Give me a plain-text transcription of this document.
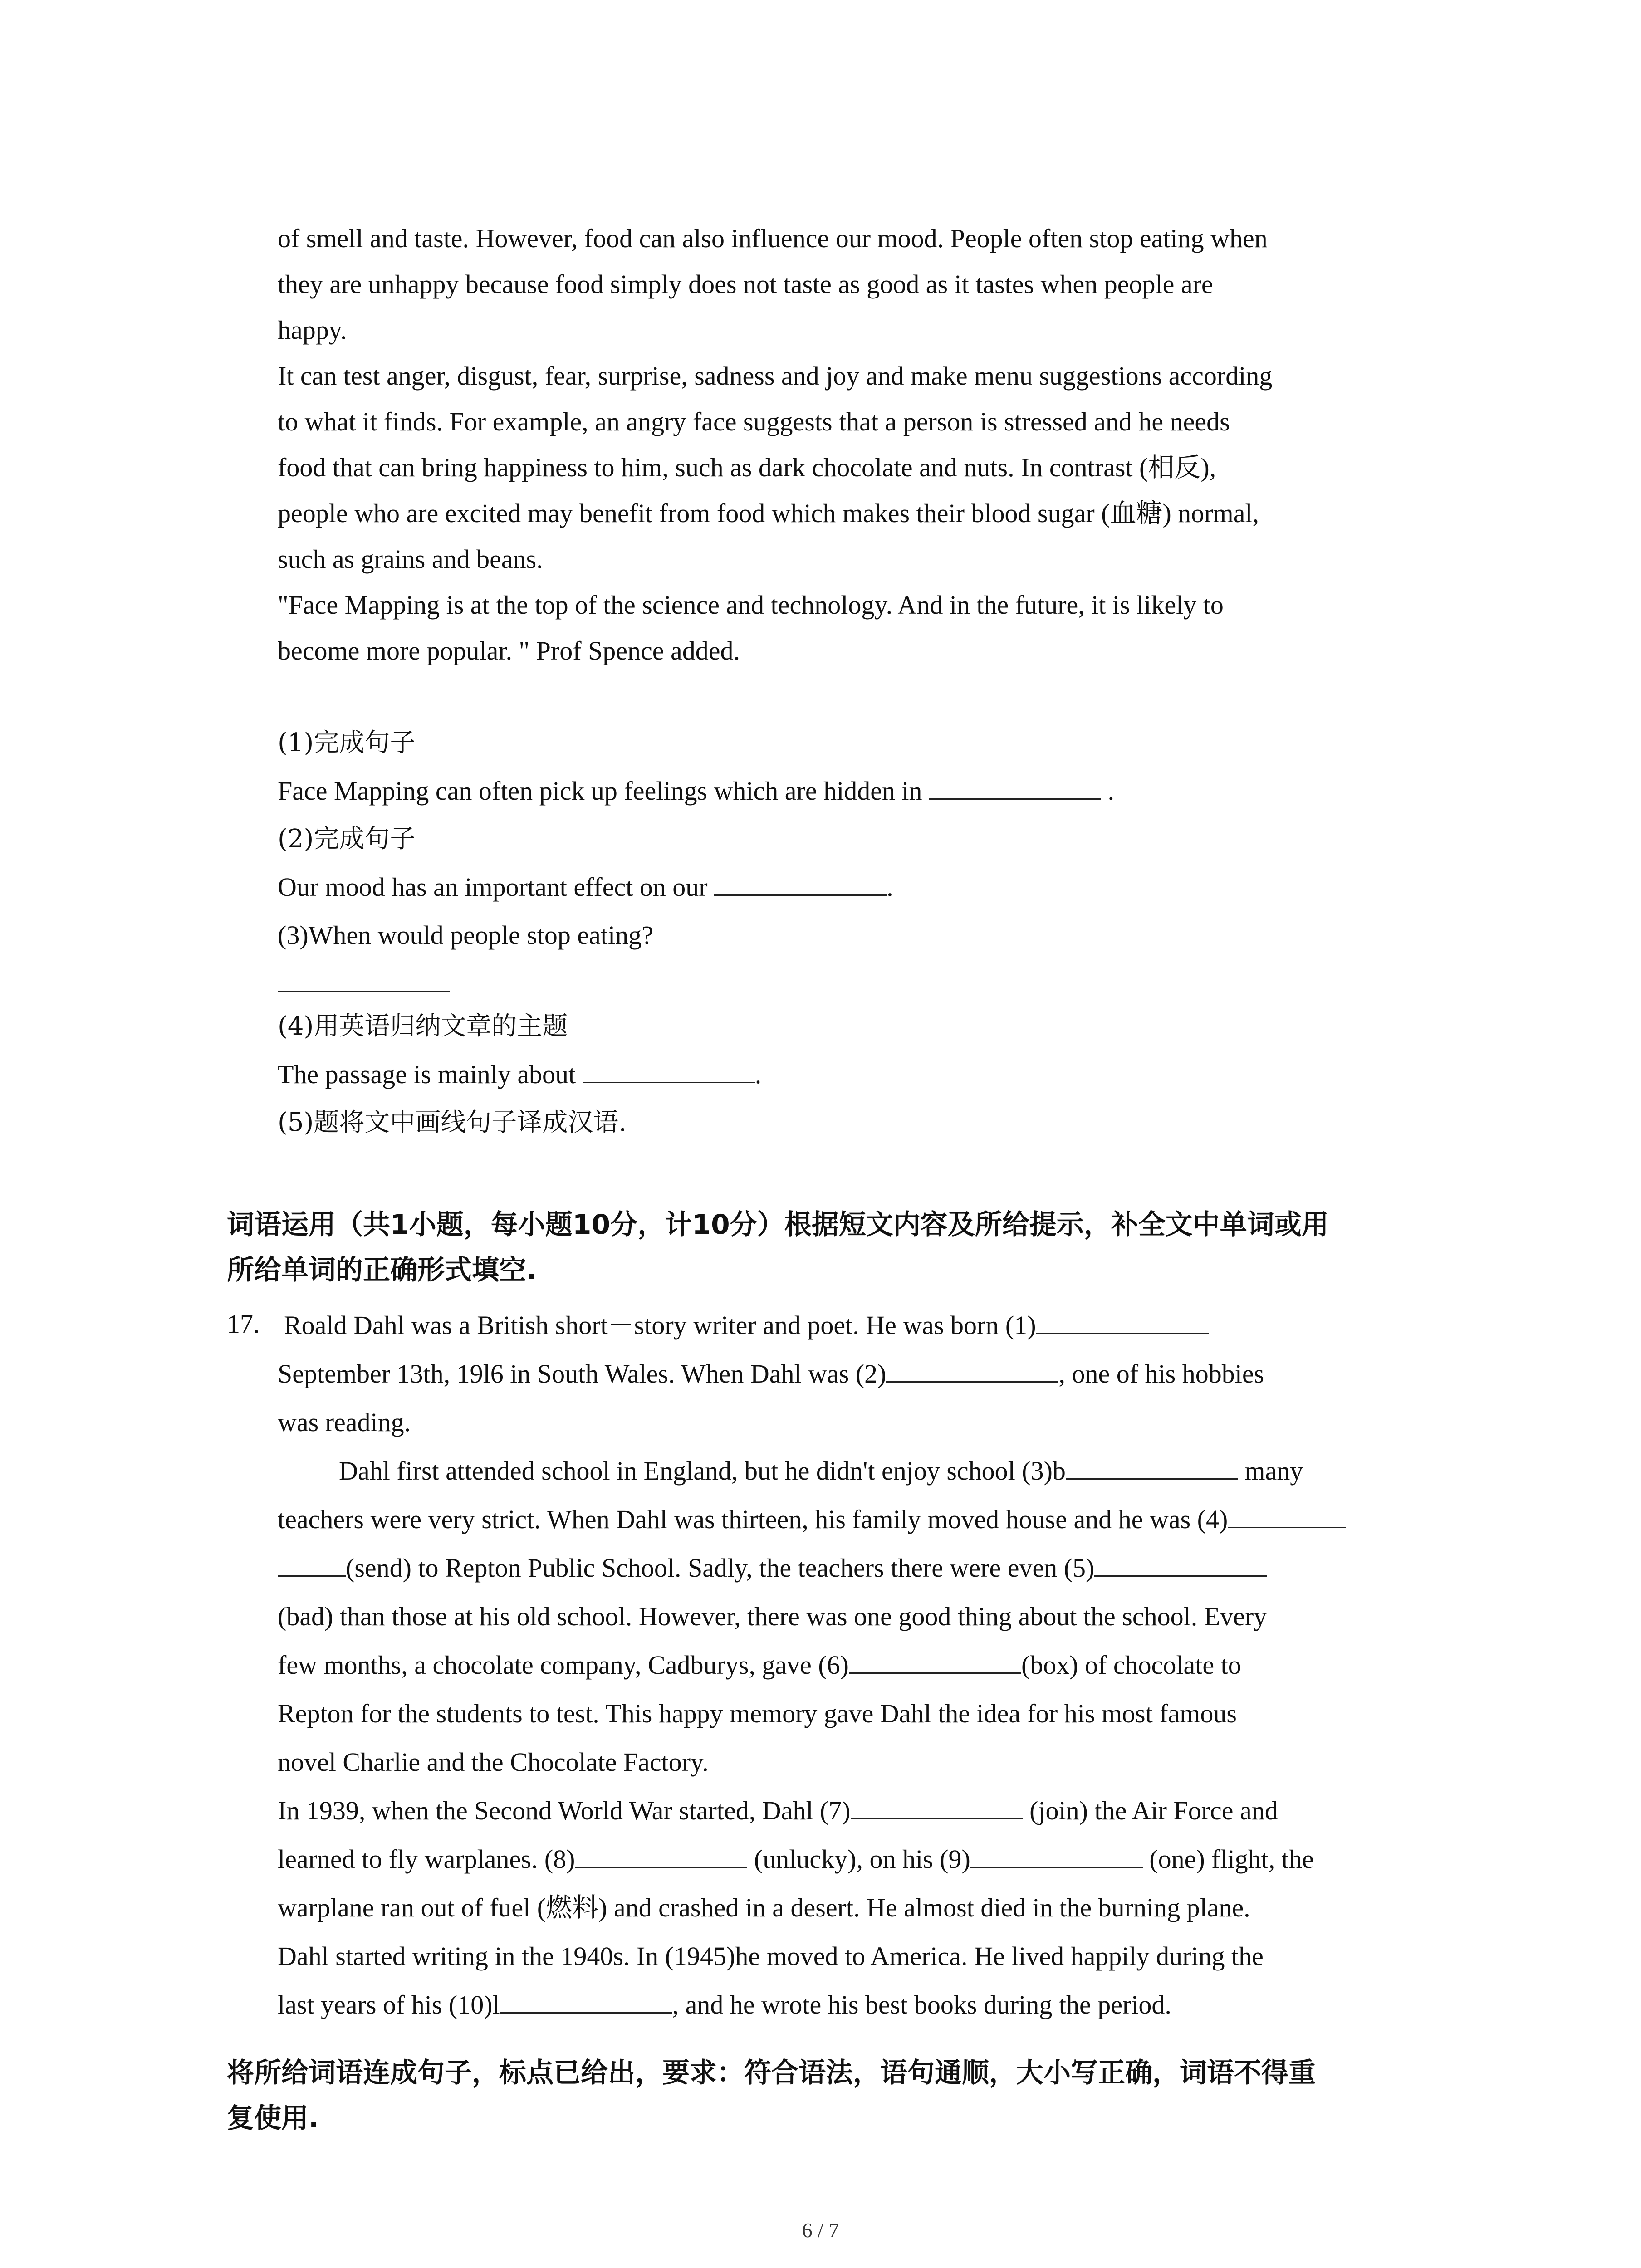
of smell and taste. However, food can also influence our mood. People often stop eating when

they are unhappy because food simply does not taste as good as it tastes when people are

happy.

It can test anger, disgust, fear, surprise, sadness and joy and make menu suggestions according

to what it finds. For example, an angry face suggests that a person is stressed and he needs

food that can bring happiness to him, such as dark chocolate and nuts. In contrast (相反),

people who are excited may benefit from food which makes their blood sugar (血糖) normal,

such as grains and beans.

"Face Mapping is at the top of the science and technology. And in the future, it is likely to

become more popular. " Prof Spence added.

(1)完成句子

Face Mapping can often pick up feelings which are hidden in	.

(2)完成句子

Our mood has an important effect on our	.

(3)When would people stop eating?

(4)用英语归纳文章的主题

The passage is mainly about	.

(5)题将文中画线句子译成汉语.

词语运用（共1小题，每小题10分，计10分）根据短文内容及所给提示，补全文中单词或用

所给单词的正确形式填空.

17. Roald Dahl was a British short－story writer and poet. He was born (1)

September 13th, 19l6 in South Wales. When Dahl was (2)	, one of his hobbies

was reading.

Dahl first attended school in England, but he didn't enjoy school (3)b	many

teachers were very strict. When Dahl was thirteen, his family moved house and he was (4)

(send) to Repton Public School. Sadly, the teachers there were even (5)

(bad) than those at his old school. However, there was one good thing about the school. Every

few months, a chocolate company, Cadburys, gave (6)	(box) of chocolate to

Repton for the students to test. This happy memory gave Dahl the idea for his most famous

novel Charlie and the Chocolate Factory.

In 1939, when the Second World War started, Dahl (7)	(join) the Air Force and

learned to fly warplanes. (8)	(unlucky), on his (9)	(one) flight, the

warplane ran out of fuel (燃料) and crashed in a desert. He almost died in the burning plane.

Dahl started writing in the 1940s. In (1945)he moved to America. He lived happily during the

last years of his (10)l	, and he wrote his best books during the period.

将所给词语连成句子，标点已给出，要求：符合语法，语句通顺，大小写正确，词语不得重

复使用.

6 / 7
